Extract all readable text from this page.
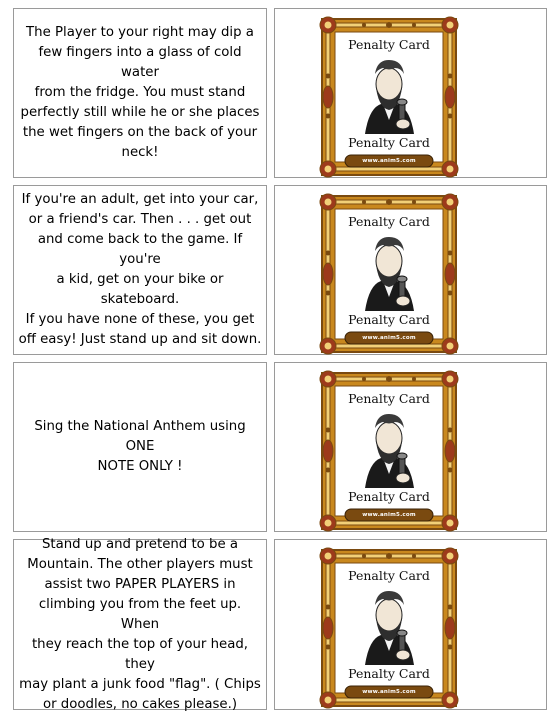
The Player to your right may dip a
few fingers into a glass of cold water
from the fridge. You must stand
perfectly still while he or she places
the wet fingers on the back of your
neck!
Penalty Card
Penalty Card
www.anim5.com
If you're an adult, get into your car,
or a friend's car. Then . . . get out
and come back to the game. If you're
a kid, get on your bike or skateboard.
If you have none of these, you get
off easy! Just stand up and sit down.
Penalty Card
Penalty Card
www.anim5.com
Sing the National Anthem using ONE
NOTE ONLY !
Penalty Card
Penalty Card
www.anim5.com
Stand up and pretend to be a
Mountain. The other players must
assist two PAPER PLAYERS in
climbing you from the feet up. When
they reach the top of your head, they
may plant a junk food "flag". ( Chips
or doodles, no cakes please.)
Penalty Card
Penalty Card
www.anim5.com
